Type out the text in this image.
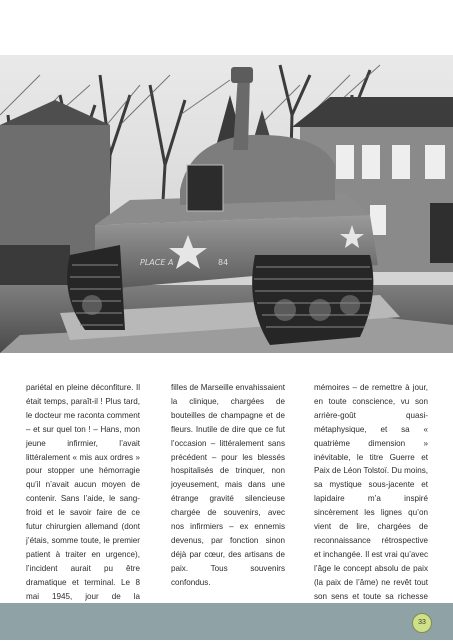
PLACE A	84

pariétal en pleine déconfiture. Il était temps, paraît-il ! Plus tard, le docteur me raconta comment – et sur quel ton ! – Hans, mon jeune infirmier, l’avait littéralement « mis aux ordres » pour stopper une hémorragie qu’il n’avait aucun moyen de contenir. Sans l’aide, le sang-froid et le savoir faire de ce futur chirurgien allemand (dont j’étais, somme toute, le premier patient à traiter en urgence), l’incident aurait pu être dramatique et terminal. Le 8 mai 1945, jour de la

filles de Marseille envahissaient la clinique, chargées de bouteilles de champagne et de fleurs. Inutile de dire que ce fut l’occasion – littéralement sans précédent – pour les blessés hospitalisés de trinquer, non joyeusement, mais dans une étrange gravité silencieuse chargée de souvenirs, avec nos infirmiers – ex ennemis devenus, par fonction sinon déjà par cœur, des artisans de paix. Tous souvenirs confondus.

mémoires – de remettre à jour, en toute conscience, vu son arrière-goût quasi-métaphysique, et sa « quatrième dimension » inévitable, le titre Guerre et Paix de Léon Tolstoï. Du moins, sa mystique sous-jacente et lapidaire m’a inspiré sincèrement les lignes qu’on vient de lire, chargées de reconnaissance rétrospective et inchangée. Il est vrai qu’avec l’âge le concept absolu de paix (la paix de l’âme) ne revêt tout son sens et toute sa richesse

33
